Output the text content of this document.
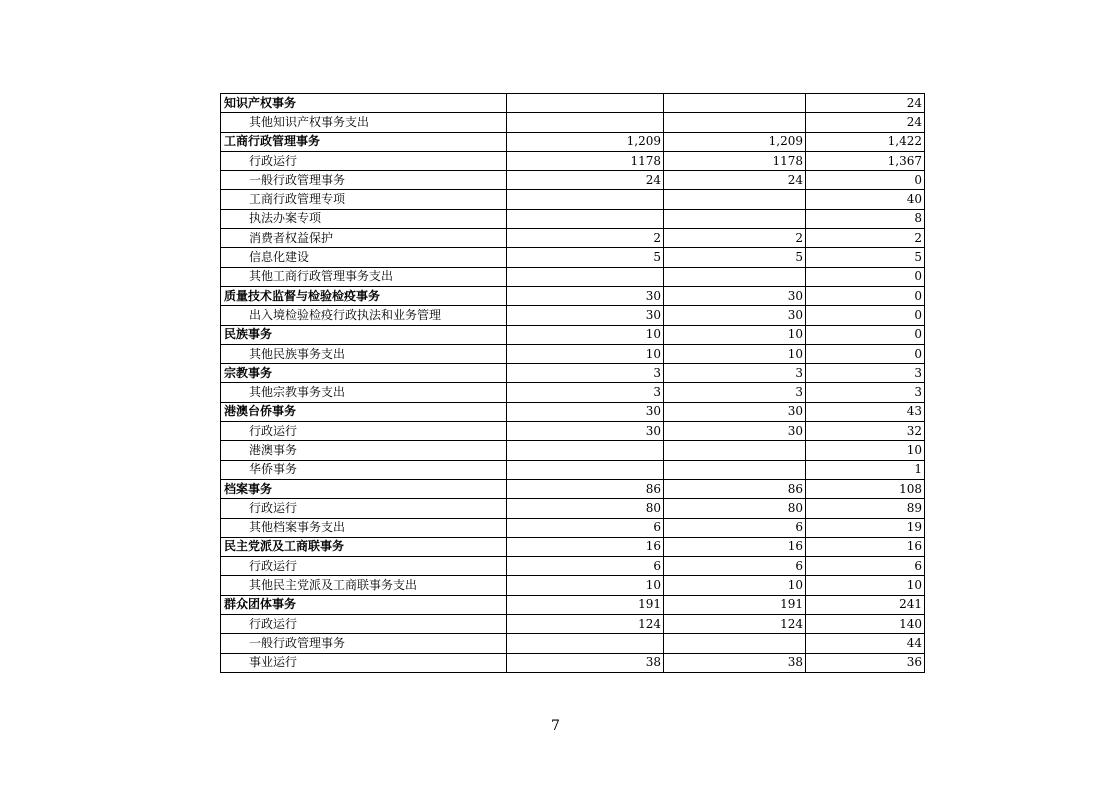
知识产权事务			24
其他知识产权事务支出			24
工商行政管理事务	1,209	1,209	1,422
行政运行	1178	1178	1,367
一般行政管理事务	24	24	0
工商行政管理专项			40
执法办案专项			8
消费者权益保护	2	2	2
信息化建设	5	5	5
其他工商行政管理事务支出			0
质量技术监督与检验检疫事务	30	30	0
出入境检验检疫行政执法和业务管理	30	30	0
民族事务	10	10	0
其他民族事务支出	10	10	0
宗教事务	3	3	3
其他宗教事务支出	3	3	3
港澳台侨事务	30	30	43
行政运行	30	30	32
港澳事务			10
华侨事务			1
档案事务	86	86	108
行政运行	80	80	89
其他档案事务支出	6	6	19
民主党派及工商联事务	16	16	16
行政运行	6	6	6
其他民主党派及工商联事务支出	10	10	10
群众团体事务	191	191	241
行政运行	124	124	140
一般行政管理事务			44
事业运行	38	38	36
7
